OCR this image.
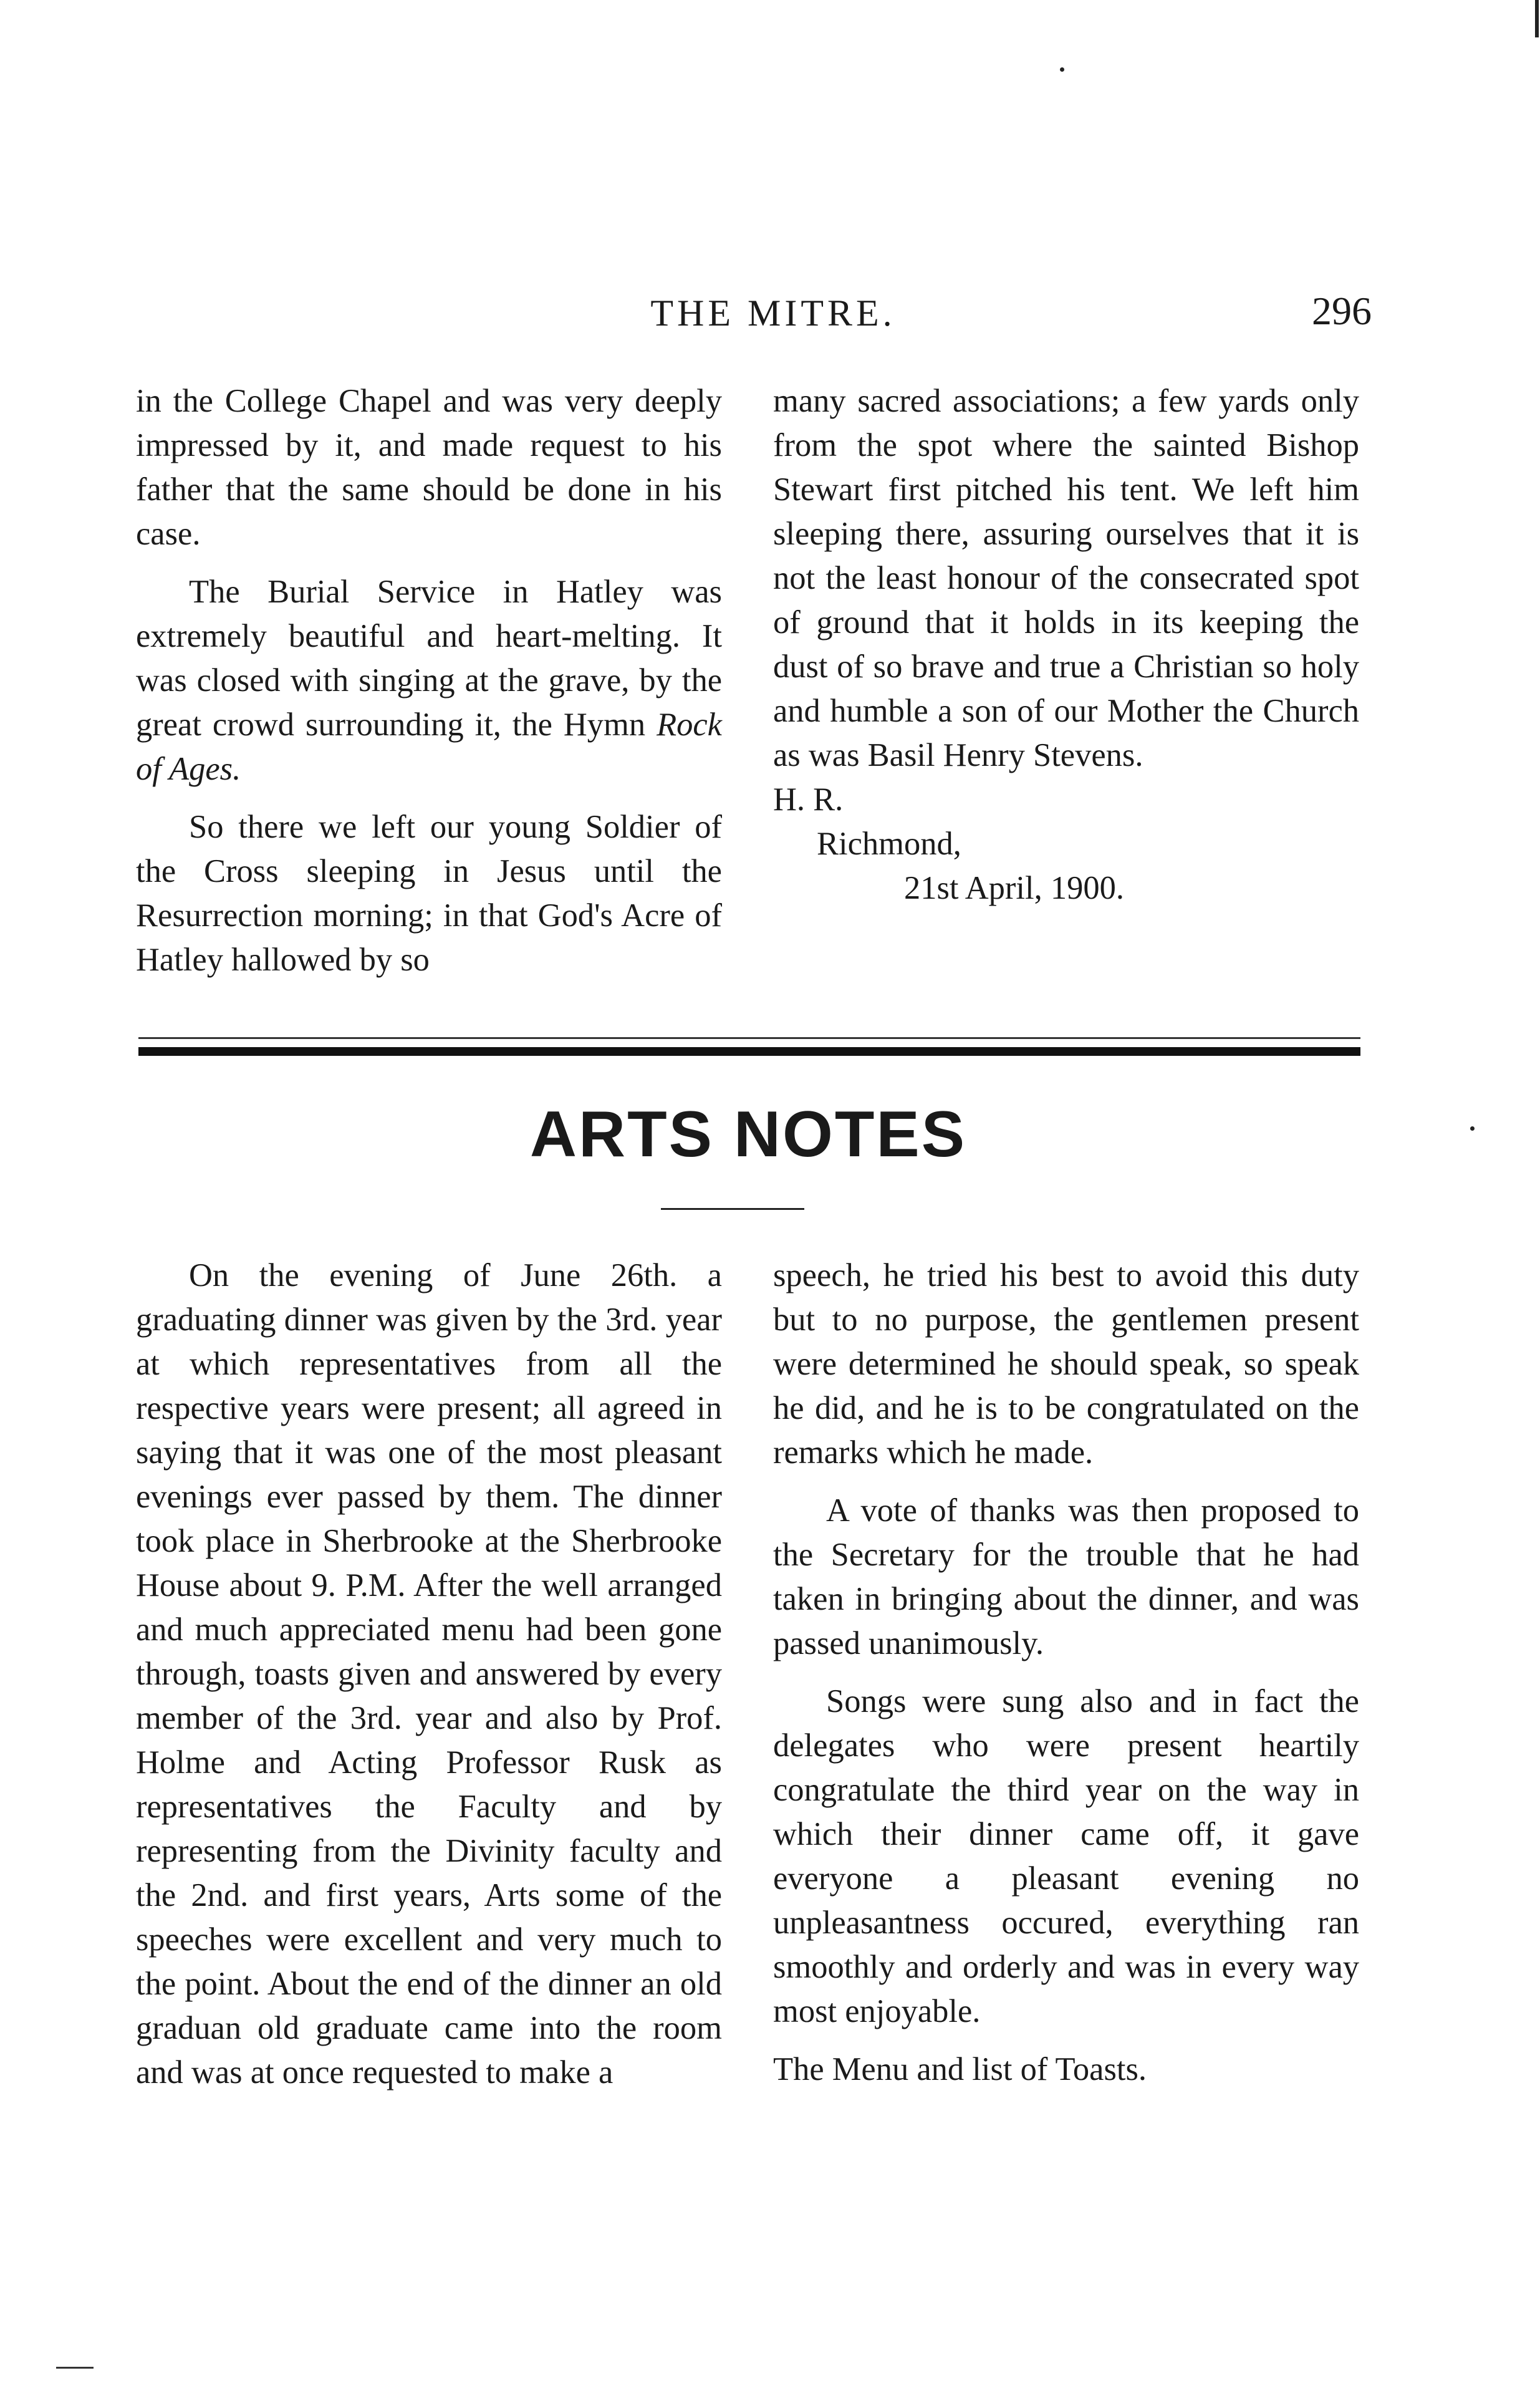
THE MITRE.	296

in the College Chapel and was very deeply impressed by it, and made request to his father that the same should be done in his case.

The Burial Service in Hatley was extremely beautiful and heart-melting. It was closed with singing at the grave, by the great crowd surrounding it, the Hymn Rock of Ages.

So there we left our young Soldier of the Cross sleeping in Jesus until the Resurrection morning; in that God's Acre of Hatley hallowed by so

many sacred associations; a few yards only from the spot where the sainted Bishop Stewart first pitched his tent. We left him sleeping there, assuring ourselves that it is not the least honour of the consecrated spot of ground that it holds in its keeping the dust of so brave and true a Christian so holy and humble a son of our Mother the Church as was Basil Henry Stevens.

H. R.

Richmond,

21st April, 1900.

ARTS NOTES

On the evening of June 26th. a graduating dinner was given by the 3rd. year at which representatives from all the respective years were present; all agreed in saying that it was one of the most pleasant evenings ever passed by them. The dinner took place in Sherbrooke at the Sherbrooke House about 9. P.M. After the well arranged and much appreciated menu had been gone through, toasts given and answered by every member of the 3rd. year and also by Prof. Holme and Acting Professor Rusk as representatives the Faculty and by representing from the Divinity faculty and the 2nd. and first years, Arts some of the speeches were excellent and very much to the point. About the end of the dinner an old graduan old graduate came into the room and was at once requested to make a

speech, he tried his best to avoid this duty but to no purpose, the gentlemen present were determined he should speak, so speak he did, and he is to be congratulated on the remarks which he made.

A vote of thanks was then proposed to the Secretary for the trouble that he had taken in bringing about the dinner, and was passed unanimously.

Songs were sung also and in fact the delegates who were present heartily congratulate the third year on the way in which their dinner came off, it gave everyone a pleasant evening no unpleasantness occured, everything ran smoothly and orderly and was in every way most enjoyable.

The Menu and list of Toasts.
